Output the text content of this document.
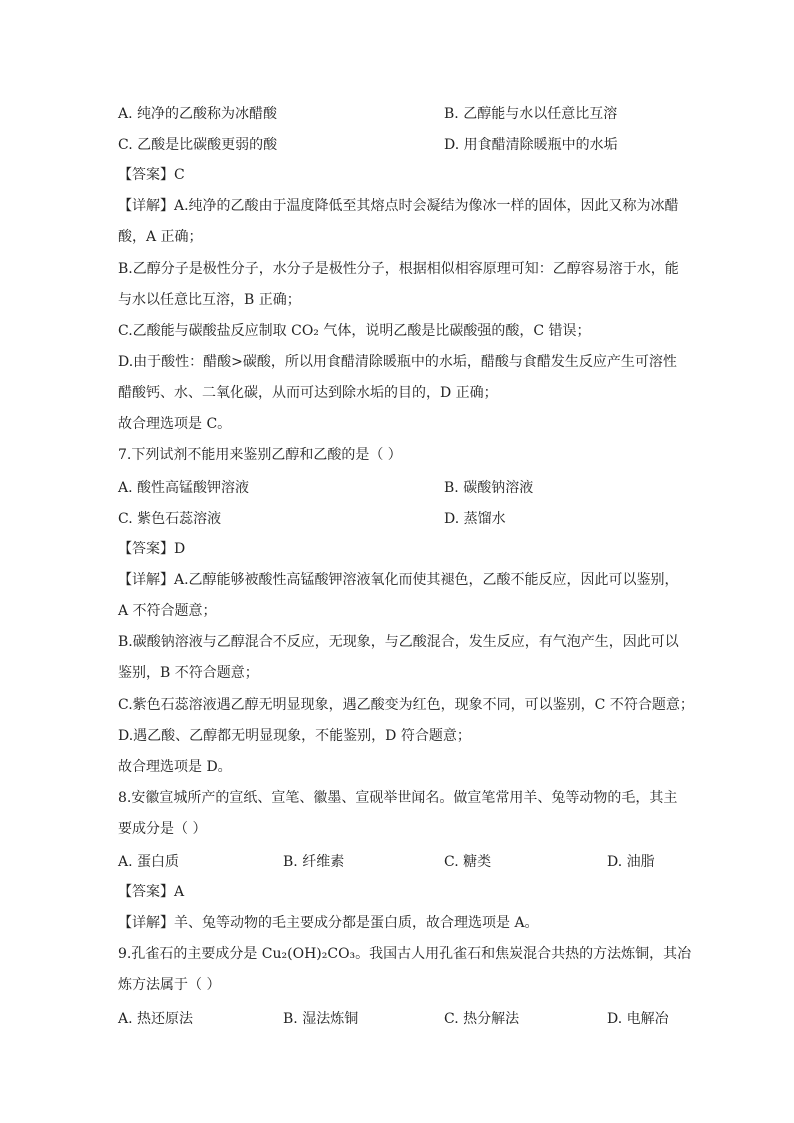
A. 纯净的乙酸称为冰醋酸	B. 乙醇能与水以任意比互溶
C. 乙酸是比碳酸更弱的酸	D. 用食醋清除暖瓶中的水垢
【答案】C
【详解】A.纯净的乙酸由于温度降低至其熔点时会凝结为像冰一样的固体，因此又称为冰醋
酸，A 正确；
B.乙醇分子是极性分子，水分子是极性分子，根据相似相容原理可知：乙醇容易溶于水，能
与水以任意比互溶，B 正确；
C.乙酸能与碳酸盐反应制取 CO₂ 气体，说明乙酸是比碳酸强的酸，C 错误；
D.由于酸性：醋酸>碳酸，所以用食醋清除暖瓶中的水垢，醋酸与食醋发生反应产生可溶性
醋酸钙、水、二氧化碳，从而可达到除水垢的目的，D 正确；
故合理选项是 C。
7.下列试剂不能用来鉴别乙醇和乙酸的是（ ）
A. 酸性高锰酸钾溶液	B. 碳酸钠溶液
C. 紫色石蕊溶液	D. 蒸馏水
【答案】D
【详解】A.乙醇能够被酸性高锰酸钾溶液氧化而使其褪色，乙酸不能反应，因此可以鉴别，
A 不符合题意；
B.碳酸钠溶液与乙醇混合不反应，无现象，与乙酸混合，发生反应，有气泡产生，因此可以
鉴别，B 不符合题意；
C.紫色石蕊溶液遇乙醇无明显现象，遇乙酸变为红色，现象不同，可以鉴别，C 不符合题意；
D.遇乙酸、乙醇都无明显现象，不能鉴别，D 符合题意；
故合理选项是 D。
8.安徽宣城所产的宣纸、宣笔、徽墨、宣砚举世闻名。做宣笔常用羊、兔等动物的毛，其主
要成分是（ ）
A. 蛋白质	B. 纤维素	C. 糖类	D. 油脂
【答案】A
【详解】羊、兔等动物的毛主要成分都是蛋白质，故合理选项是 A。
9.孔雀石的主要成分是 Cu₂(OH)₂CO₃。我国古人用孔雀石和焦炭混合共热的方法炼铜，其冶
炼方法属于（ ）
A. 热还原法	B. 湿法炼铜	C. 热分解法	D. 电解冶
